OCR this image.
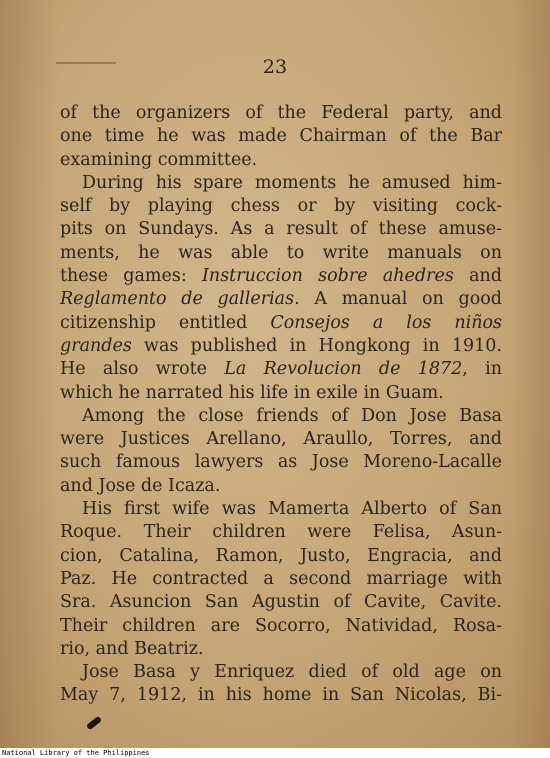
23
of the organizers of the Federal party, and
one time he was made Chairman of the Bar
examining committee.
During his spare moments he amused him-
self by playing chess or by visiting cock-
pits on Sundays. As a result of these amuse-
ments, he was able to write manuals on
these games: Instruccion sobre ahedres and
Reglamento de gallerias. A manual on good
citizenship entitled Consejos a los niños
grandes was published in Hongkong in 1910.
He also wrote La Revolucion de 1872, in
which he narrated his life in exile in Guam.
Among the close friends of Don Jose Basa
were Justices Arellano, Araullo, Torres, and
such famous lawyers as Jose Moreno-Lacalle
and Jose de Icaza.
His first wife was Mamerta Alberto of San
Roque. Their children were Felisa, Asun-
cion, Catalina, Ramon, Justo, Engracia, and
Paz. He contracted a second marriage with
Sra. Asuncion San Agustin of Cavite, Cavite.
Their children are Socorro, Natividad, Rosa-
rio, and Beatriz.
Jose Basa y Enriquez died of old age on
May 7, 1912, in his home in San Nicolas, Bi-
National Library of the Philippines
